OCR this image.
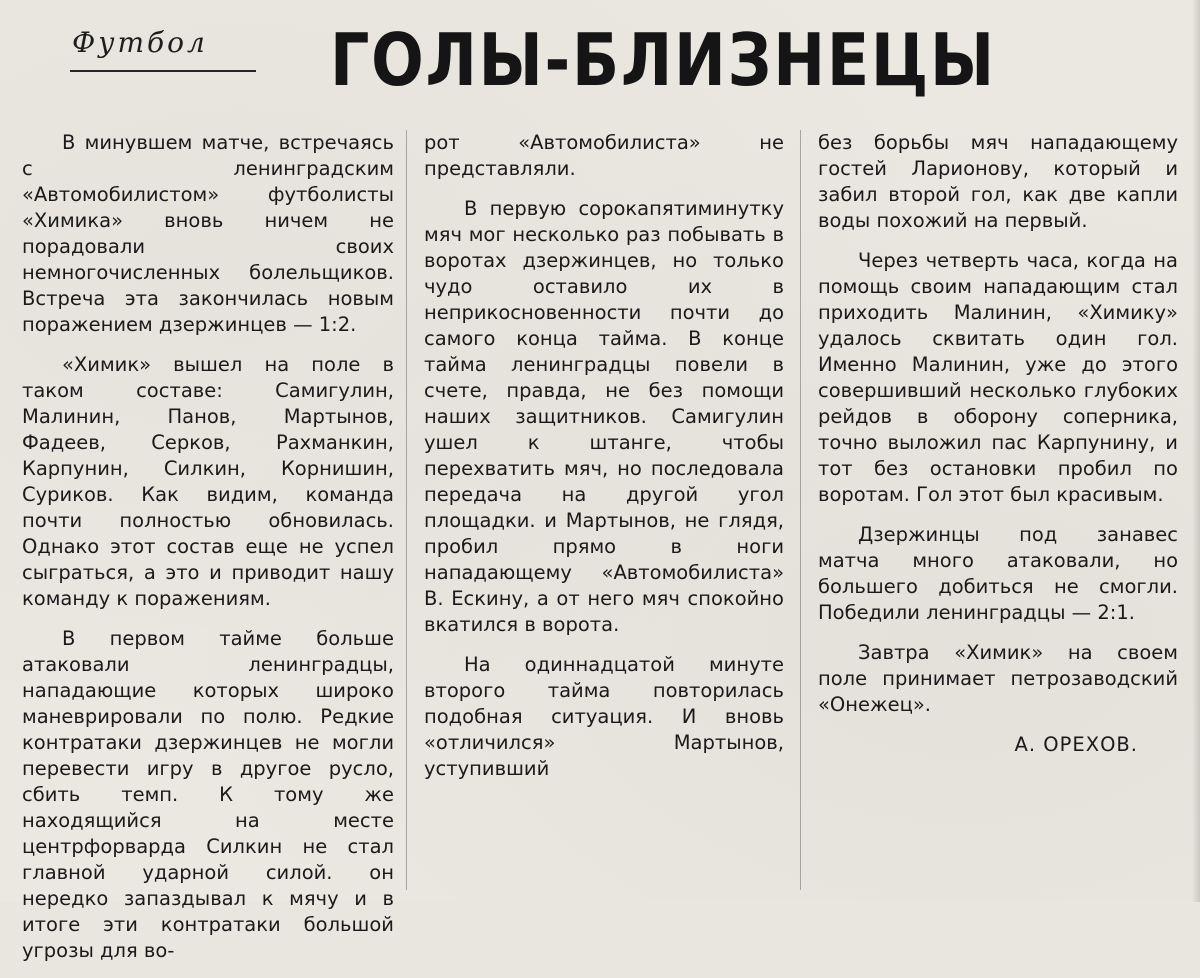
Футбол ГОЛЫ-БЛИЗНЕЦЫ

В минувшем матче, встречаясь с ленинградским «Автомобилистом» футболисты «Химика» вновь ничем не порадовали своих немногочисленных болельщиков. Встреча эта закончилась новым поражением дзержинцев — 1:2.

«Химик» вышел на поле в таком составе: Самигулин, Малинин, Панов, Мартынов, Фадеев, Серков, Рахманкин, Карпунин, Силкин, Корнишин, Суриков. Как видим, команда почти полностью обновилась. Однако этот состав еще не успел сыграться, а это и приводит нашу команду к поражениям.

В первом тайме больше атаковали ленинградцы, нападающие которых широко маневрировали по полю. Редкие контратаки дзержинцев не могли перевести игру в другое русло, сбить темп. К тому же находящийся на месте центрфорварда Силкин не стал главной ударной силой. он нередко запаздывал к мячу и в итоге эти контратаки большой угрозы для во-

рот «Автомобилиста» не представляли.

В первую сорокапятиминутку мяч мог несколько раз побывать в воротах дзержинцев, но только чудо оставило их в неприкосновенности почти до самого конца тайма. В конце тайма ленинградцы повели в счете, правда, не без помощи наших защитников. Самигулин ушел к штанге, чтобы перехватить мяч, но последовала передача на другой угол площадки. и Мартынов, не глядя, пробил прямо в ноги нападающему «Автомобилиста» В. Ескину, а от него мяч спокойно вкатился в ворота.

На одиннадцатой минуте второго тайма повторилась подобная ситуация. И вновь «отличился» Мартынов, уступивший

без борьбы мяч нападающему гостей Ларионову, который и забил второй гол, как две капли воды похожий на первый.

Через четверть часа, когда на помощь своим нападающим стал приходить Малинин, «Химику» удалось сквитать один гол. Именно Малинин, уже до этого совершивший несколько глубоких рейдов в оборону соперника, точно выложил пас Карпунину, и тот без остановки пробил по воротам. Гол этот был красивым.

Дзержинцы под занавес матча много атаковали, но большего добиться не смогли. Победили ленинградцы — 2:1.

Завтра «Химик» на своем поле принимает петрозаводский «Онежец».

А. ОРЕХОВ.
